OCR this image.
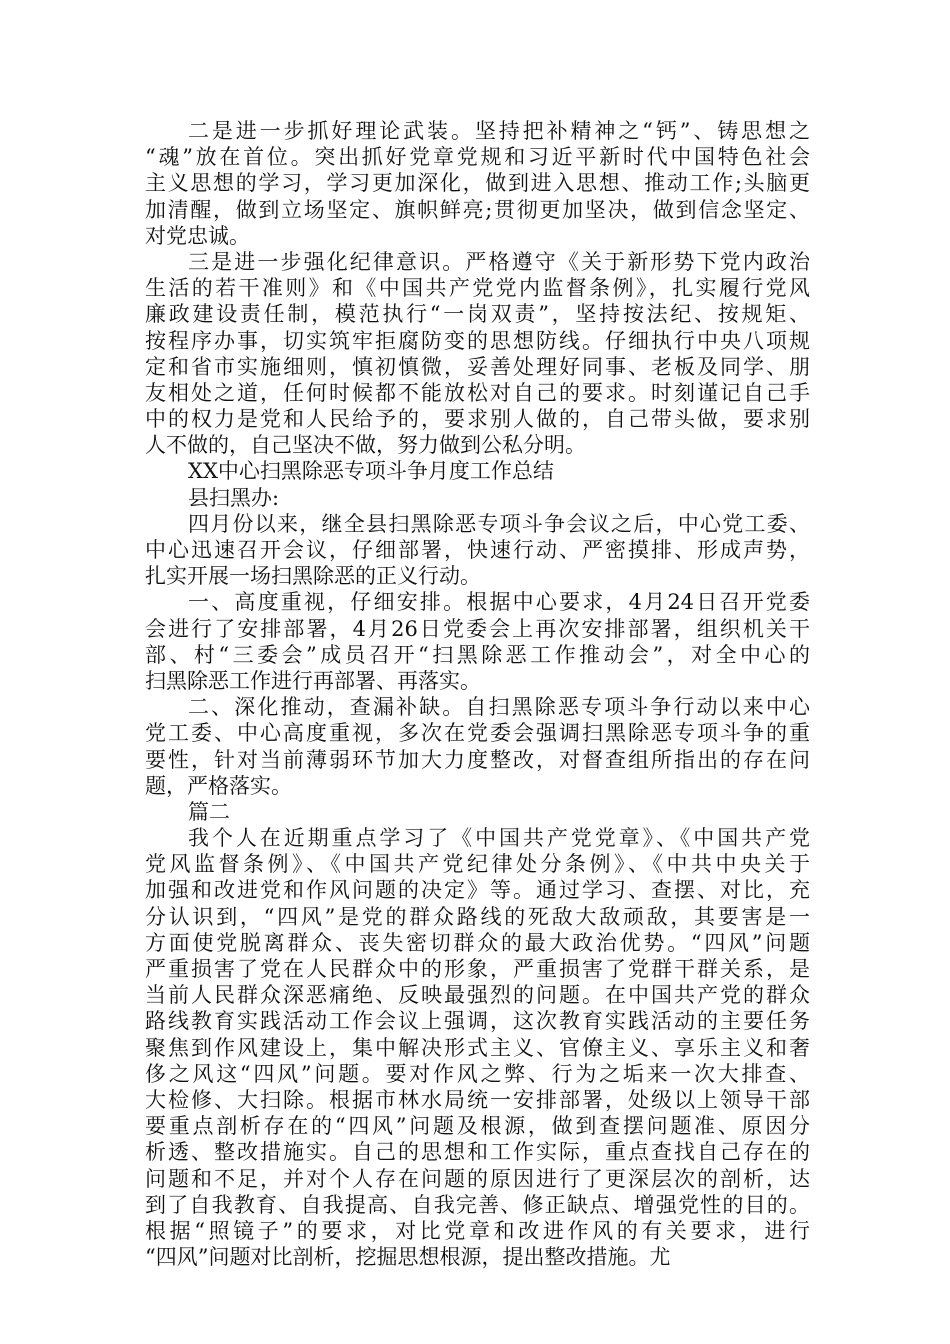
二是进一步抓好理论武装。坚持把补精神之“钙”、铸思想之

“魂”放在首位。突出抓好党章党规和习近平新时代中国特色社会

主义思想的学习，学习更加深化，做到进入思想、推动工作;头脑更

加清醒，做到立场坚定、旗帜鲜亮;贯彻更加坚决，做到信念坚定、

对党忠诚。

三是进一步强化纪律意识。严格遵守《关于新形势下党内政治

生活的若干准则》和《中国共产党党内监督条例》，扎实履行党风

廉政建设责任制，模范执行“一岗双责”，坚持按法纪、按规矩、

按程序办事，切实筑牢拒腐防变的思想防线。仔细执行中央八项规

定和省市实施细则，慎初慎微，妥善处理好同事、老板及同学、朋

友相处之道，任何时候都不能放松对自己的要求。时刻谨记自己手

中的权力是党和人民给予的，要求别人做的，自己带头做，要求别

人不做的，自己坚决不做，努力做到公私分明。

XX中心扫黑除恶专项斗争月度工作总结

县扫黑办:

四月份以来，继全县扫黑除恶专项斗争会议之后，中心党工委、

中心迅速召开会议，仔细部署，快速行动、严密摸排、形成声势，

扎实开展一场扫黑除恶的正义行动。

一、高度重视，仔细安排。根据中心要求，4月24日召开党委

会进行了安排部署，4月26日党委会上再次安排部署，组织机关干

部、村“三委会”成员召开“扫黑除恶工作推动会”，对全中心的

扫黑除恶工作进行再部署、再落实。

二、深化推动，查漏补缺。自扫黑除恶专项斗争行动以来中心

党工委、中心高度重视，多次在党委会强调扫黑除恶专项斗争的重

要性，针对当前薄弱环节加大力度整改，对督查组所指出的存在问

题，严格落实。

篇二

我个人在近期重点学习了《中国共产党党章》、《中国共产党

党风监督条例》、《中国共产党纪律处分条例》、《中共中央关于

加强和改进党和作风问题的决定》等。通过学习、查摆、对比，充

分认识到，“四风”是党的群众路线的死敌大敌顽敌，其要害是一

方面使党脱离群众、丧失密切群众的最大政治优势。“四风”问题

严重损害了党在人民群众中的形象，严重损害了党群干群关系，是

当前人民群众深恶痛绝、反映最强烈的问题。在中国共产党的群众

路线教育实践活动工作会议上强调，这次教育实践活动的主要任务

聚焦到作风建设上，集中解决形式主义、官僚主义、享乐主义和奢

侈之风这“四风”问题。要对作风之弊、行为之垢来一次大排查、

大检修、大扫除。根据市林水局统一安排部署，处级以上领导干部

要重点剖析存在的“四风”问题及根源，做到查摆问题准、原因分

析透、整改措施实。自己的思想和工作实际，重点查找自己存在的

问题和不足，并对个人存在问题的原因进行了更深层次的剖析，达

到了自我教育、自我提高、自我完善、修正缺点、增强党性的目的。

根据“照镜子”的要求，对比党章和改进作风的有关要求，进行

“四风”问题对比剖析，挖掘思想根源，提出整改措施。尤
